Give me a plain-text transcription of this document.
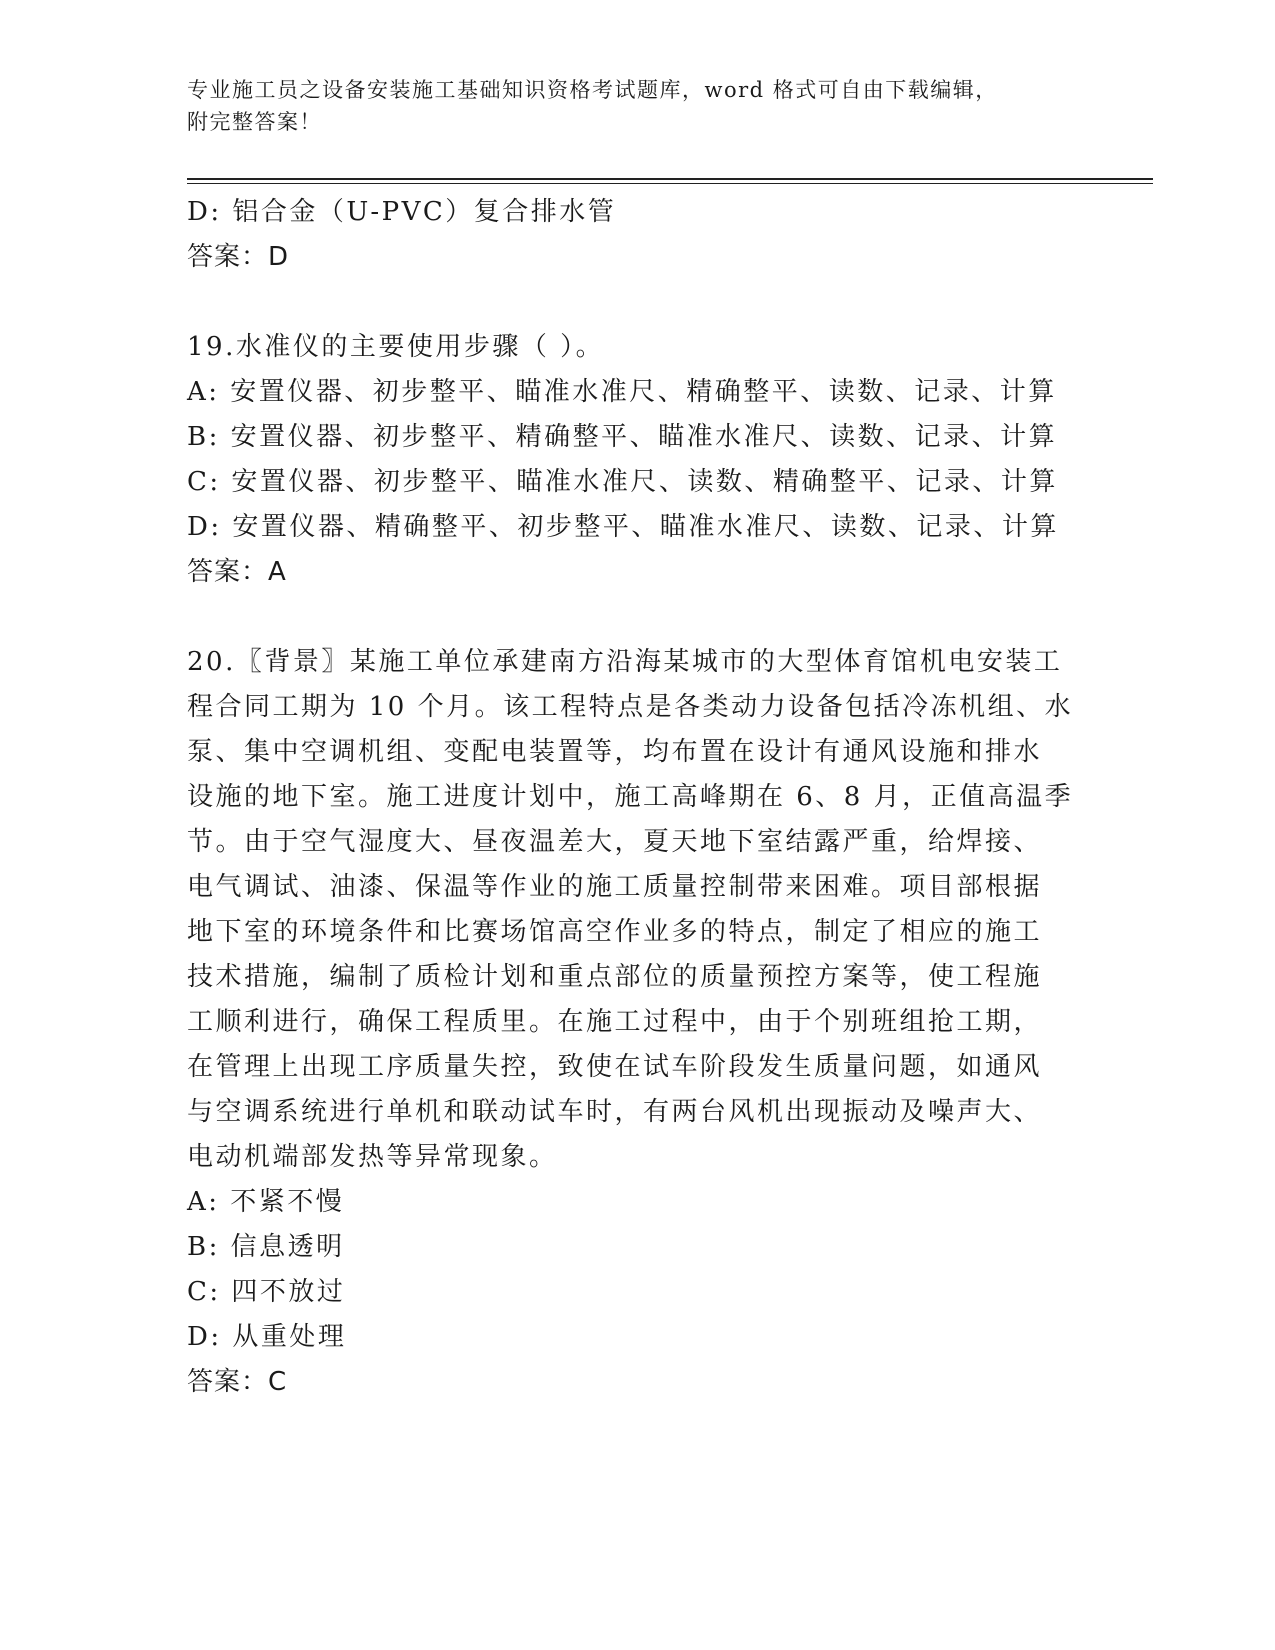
专业施工员之设备安装施工基础知识资格考试题库，word 格式可自由下载编辑，
附完整答案！
D: 铝合金（U-PVC）复合排水管
答案：D
19.水准仪的主要使用步骤（ ）。
A: 安置仪器、初步整平、瞄准水准尺、精确整平、读数、记录、计算
B: 安置仪器、初步整平、精确整平、瞄准水准尺、读数、记录、计算
C: 安置仪器、初步整平、瞄准水准尺、读数、精确整平、记录、计算
D: 安置仪器、精确整平、初步整平、瞄准水准尺、读数、记录、计算
答案：A
20.〖背景〗某施工单位承建南方沿海某城市的大型体育馆机电安装工
程合同工期为 10 个月。该工程特点是各类动力设备包括冷冻机组、水
泵、集中空调机组、变配电装置等，均布置在设计有通风设施和排水
设施的地下室。施工进度计划中，施工高峰期在 6、8 月，正值高温季
节。由于空气湿度大、昼夜温差大，夏天地下室结露严重，给焊接、
电气调试、油漆、保温等作业的施工质量控制带来困难。项目部根据
地下室的环境条件和比赛场馆高空作业多的特点，制定了相应的施工
技术措施，编制了质检计划和重点部位的质量预控方案等，使工程施
工顺利进行，确保工程质里。在施工过程中，由于个别班组抢工期，
在管理上出现工序质量失控，致使在试车阶段发生质量问题，如通风
与空调系统进行单机和联动试车时，有两台风机出现振动及噪声大、
电动机端部发热等异常现象。
A: 不紧不慢
B: 信息透明
C: 四不放过
D: 从重处理
答案：C
